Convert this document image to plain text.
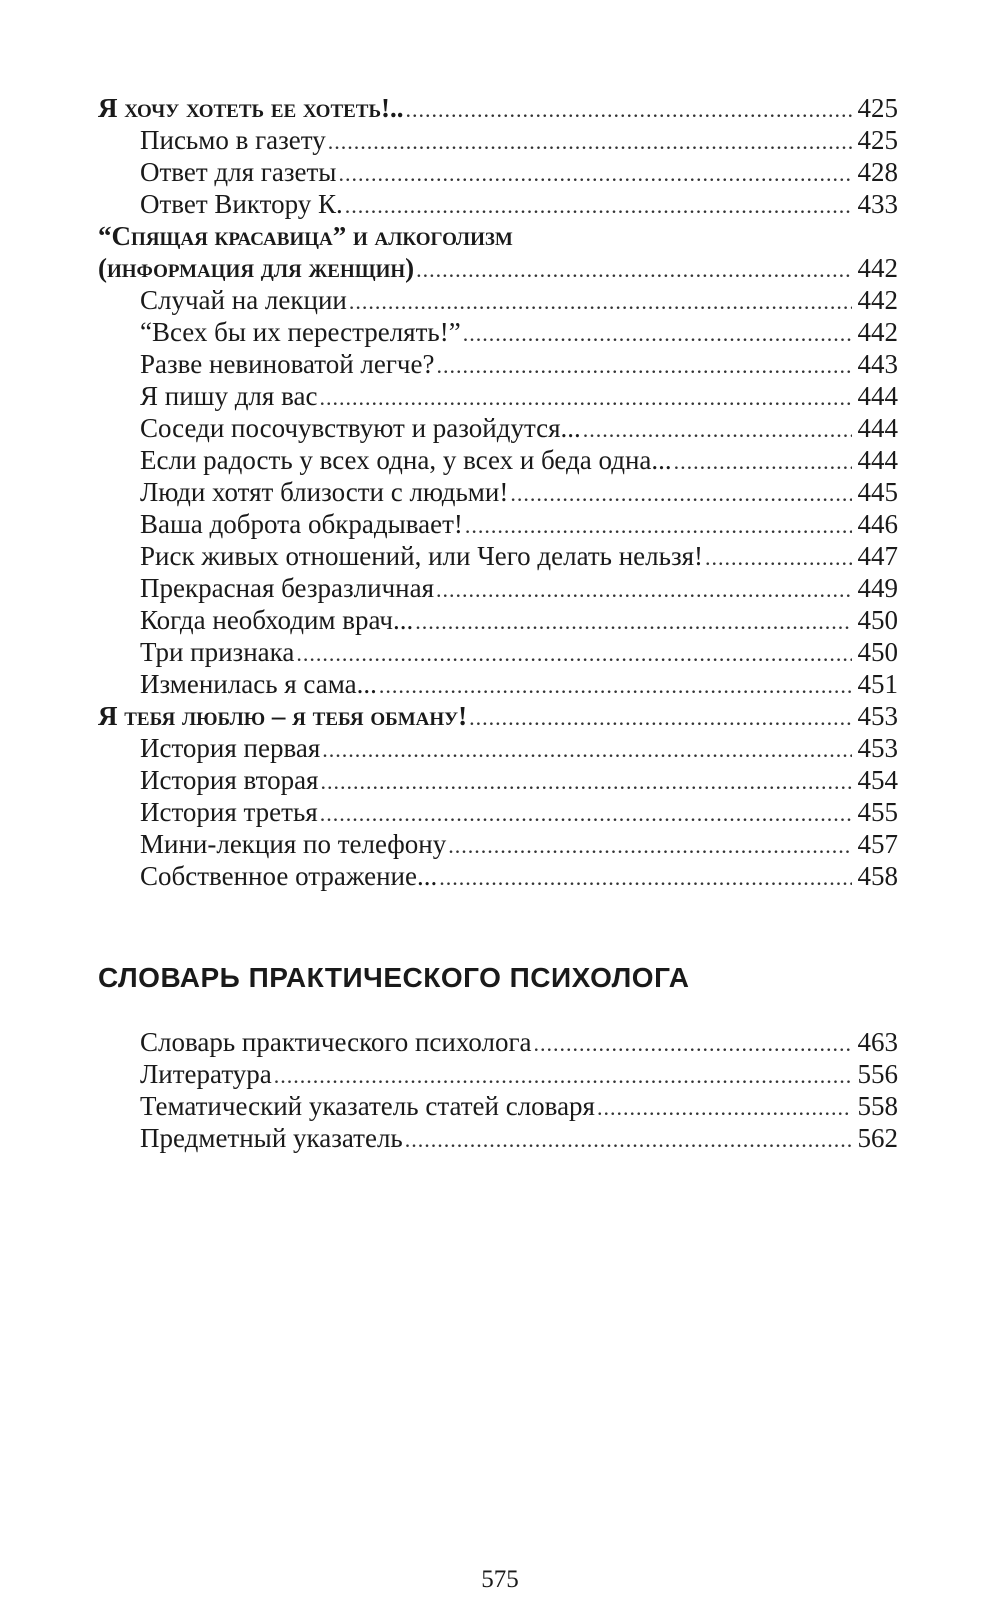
Я хочу хотеть ее хотеть!.. .....	425
Письмо в газету .....	425
Ответ для газеты .....	428
Ответ Виктору К. .....	433
“Спящая красавица” и алкоголизм
(информация для женщин) .....	442
Случай на лекции .....	442
“Всех бы их перестрелять!” .....	442
Разве невиноватой легче? .....	443
Я пишу для вас .....	444
Соседи посочувствуют и разойдутся... .....	444
Если радость у всех одна, у всех и беда одна... .....	444
Люди хотят близости с людьми! .....	445
Ваша доброта обкрадывает! .....	446
Риск живых отношений, или Чего делать нельзя! .....	447
Прекрасная безразличная .....	449
Когда необходим врач... .....	450
Три признака .....	450
Изменилась я сама... .....	451
Я тебя люблю – я тебя обману! .....	453
История первая .....	453
История вторая .....	454
История третья .....	455
Мини-лекция по телефону .....	457
Собственное отражение... .....	458
СЛОВАРЬ ПРАКТИЧЕСКОГО ПСИХОЛОГА
Словарь практического психолога .....	463
Литература .....	556
Тематический указатель статей словаря .....	558
Предметный указатель .....	562
575
